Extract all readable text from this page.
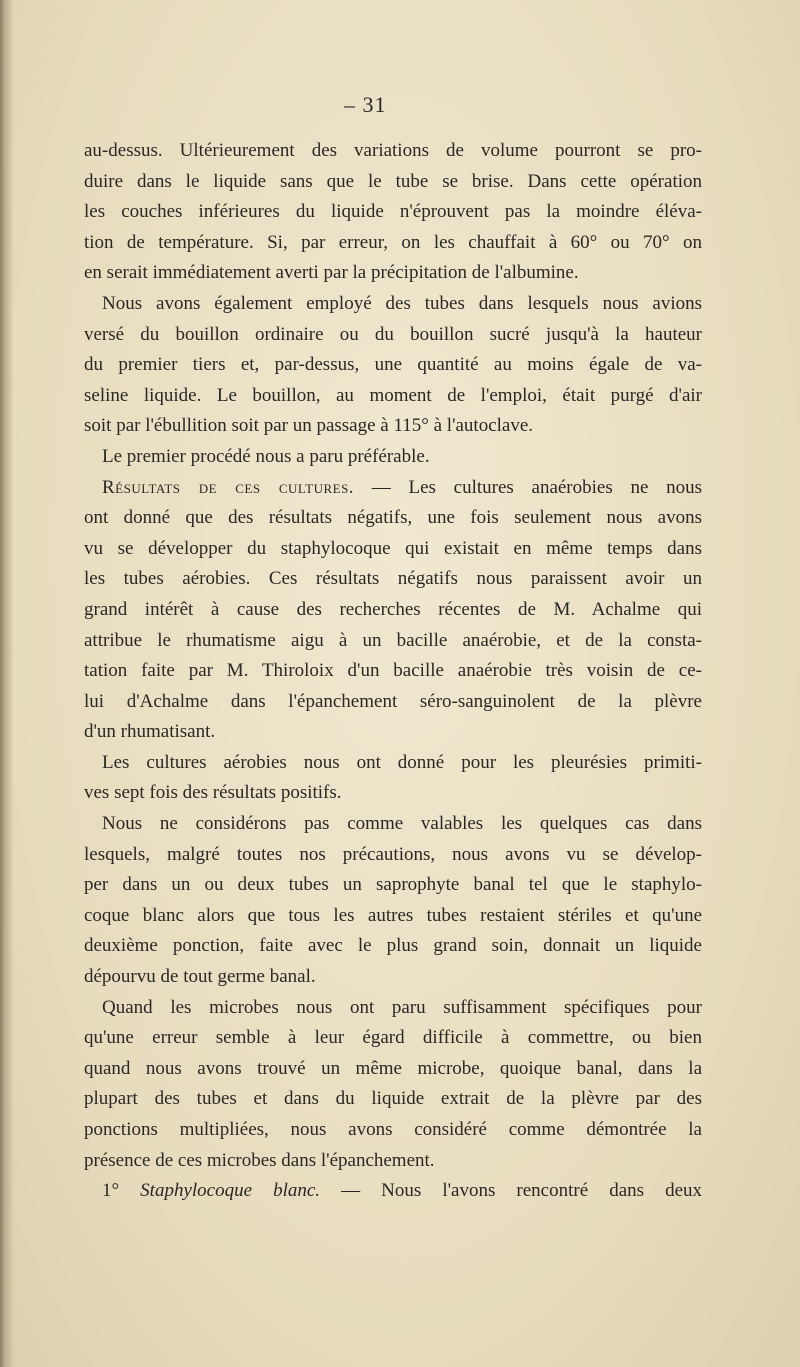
– 31

au-dessus. Ultérieurement des variations de volume pourront se pro-

duire dans le liquide sans que le tube se brise. Dans cette opération

les couches inférieures du liquide n'éprouvent pas la moindre éléva-

tion de température. Si, par erreur, on les chauffait à 60° ou 70° on

en serait immédiatement averti par la précipitation de l'albumine.

Nous avons également employé des tubes dans lesquels nous avions

versé du bouillon ordinaire ou du bouillon sucré jusqu'à la hauteur

du premier tiers et, par-dessus, une quantité au moins égale de va-

seline liquide. Le bouillon, au moment de l'emploi, était purgé d'air

soit par l'ébullition soit par un passage à 115° à l'autoclave.

Le premier procédé nous a paru préférable.

Résultats de ces cultures. — Les cultures anaérobies ne nous

ont donné que des résultats négatifs, une fois seulement nous avons

vu se développer du staphylocoque qui existait en même temps dans

les tubes aérobies. Ces résultats négatifs nous paraissent avoir un

grand intérêt à cause des recherches récentes de M. Achalme qui

attribue le rhumatisme aigu à un bacille anaérobie, et de la consta-

tation faite par M. Thiroloix d'un bacille anaérobie très voisin de ce-

lui d'Achalme dans l'épanchement séro-sanguinolent de la plèvre

d'un rhumatisant.

Les cultures aérobies nous ont donné pour les pleurésies primiti-

ves sept fois des résultats positifs.

Nous ne considérons pas comme valables les quelques cas dans

lesquels, malgré toutes nos précautions, nous avons vu se dévelop-

per dans un ou deux tubes un saprophyte banal tel que le staphylo-

coque blanc alors que tous les autres tubes restaient stériles et qu'une

deuxième ponction, faite avec le plus grand soin, donnait un liquide

dépourvu de tout germe banal.

Quand les microbes nous ont paru suffisamment spécifiques pour

qu'une erreur semble à leur égard difficile à commettre, ou bien

quand nous avons trouvé un même microbe, quoique banal, dans la

plupart des tubes et dans du liquide extrait de la plèvre par des

ponctions multipliées, nous avons considéré comme démontrée la

présence de ces microbes dans l'épanchement.

1° Staphylocoque blanc. — Nous l'avons rencontré dans deux
